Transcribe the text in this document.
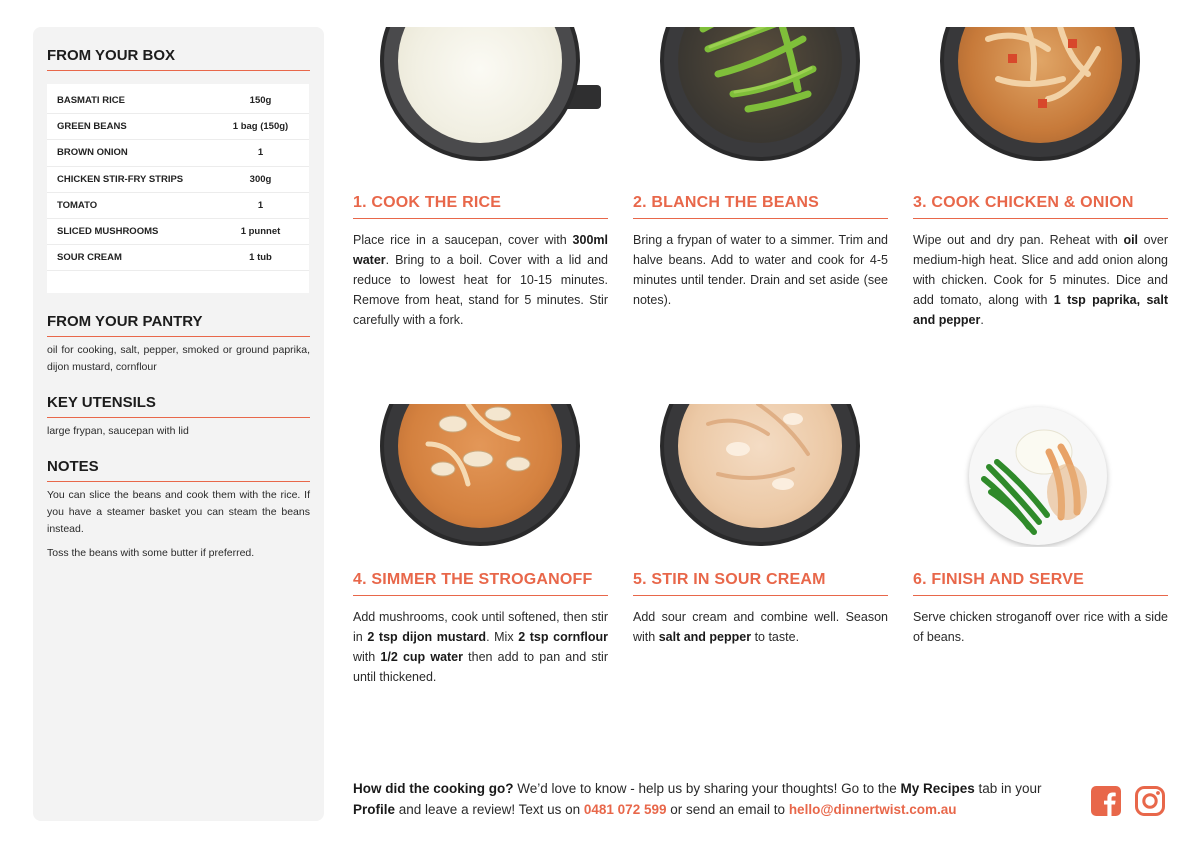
FROM YOUR BOX
BASMATI RICE	150g
GREEN BEANS	1 bag (150g)
BROWN ONION	1
CHICKEN STIR-FRY STRIPS	300g
TOMATO	1
SLICED MUSHROOMS	1 punnet
SOUR CREAM	1 tub
FROM YOUR PANTRY

oil for cooking, salt, pepper, smoked or ground paprika, dijon mustard, cornflour

KEY UTENSILS

large frypan, saucepan with lid

NOTES

You can slice the beans and cook them with the rice. If you have a steamer basket you can steam the beans instead.

Toss the beans with some butter if preferred.

1. COOK THE RICE

Place rice in a saucepan, cover with 300ml water. Bring to a boil. Cover with a lid and reduce to lowest heat for 10-15 minutes. Remove from heat, stand for 5 minutes. Stir carefully with a fork.

2. BLANCH THE BEANS

Bring a frypan of water to a simmer. Trim and halve beans. Add to water and cook for 4-5 minutes until tender. Drain and set aside (see notes).

3. COOK CHICKEN & ONION

Wipe out and dry pan. Reheat with oil over medium-high heat. Slice and add onion along with chicken. Cook for 5 minutes. Dice and add tomato, along with 1 tsp paprika, salt and pepper.

4. SIMMER THE STROGANOFF

Add mushrooms, cook until softened, then stir in 2 tsp dijon mustard. Mix 2 tsp cornflour with 1/2 cup water then add to pan and stir until thickened.

5. STIR IN SOUR CREAM

Add sour cream and combine well. Season with salt and pepper to taste.

6. FINISH AND SERVE

Serve chicken stroganoff over rice with a side of beans.

How did the cooking go? We’d love to know - help us by sharing your thoughts! Go to the My Recipes tab in your Profile and leave a review! Text us on 0481 072 599 or send an email to hello@dinnertwist.com.au
